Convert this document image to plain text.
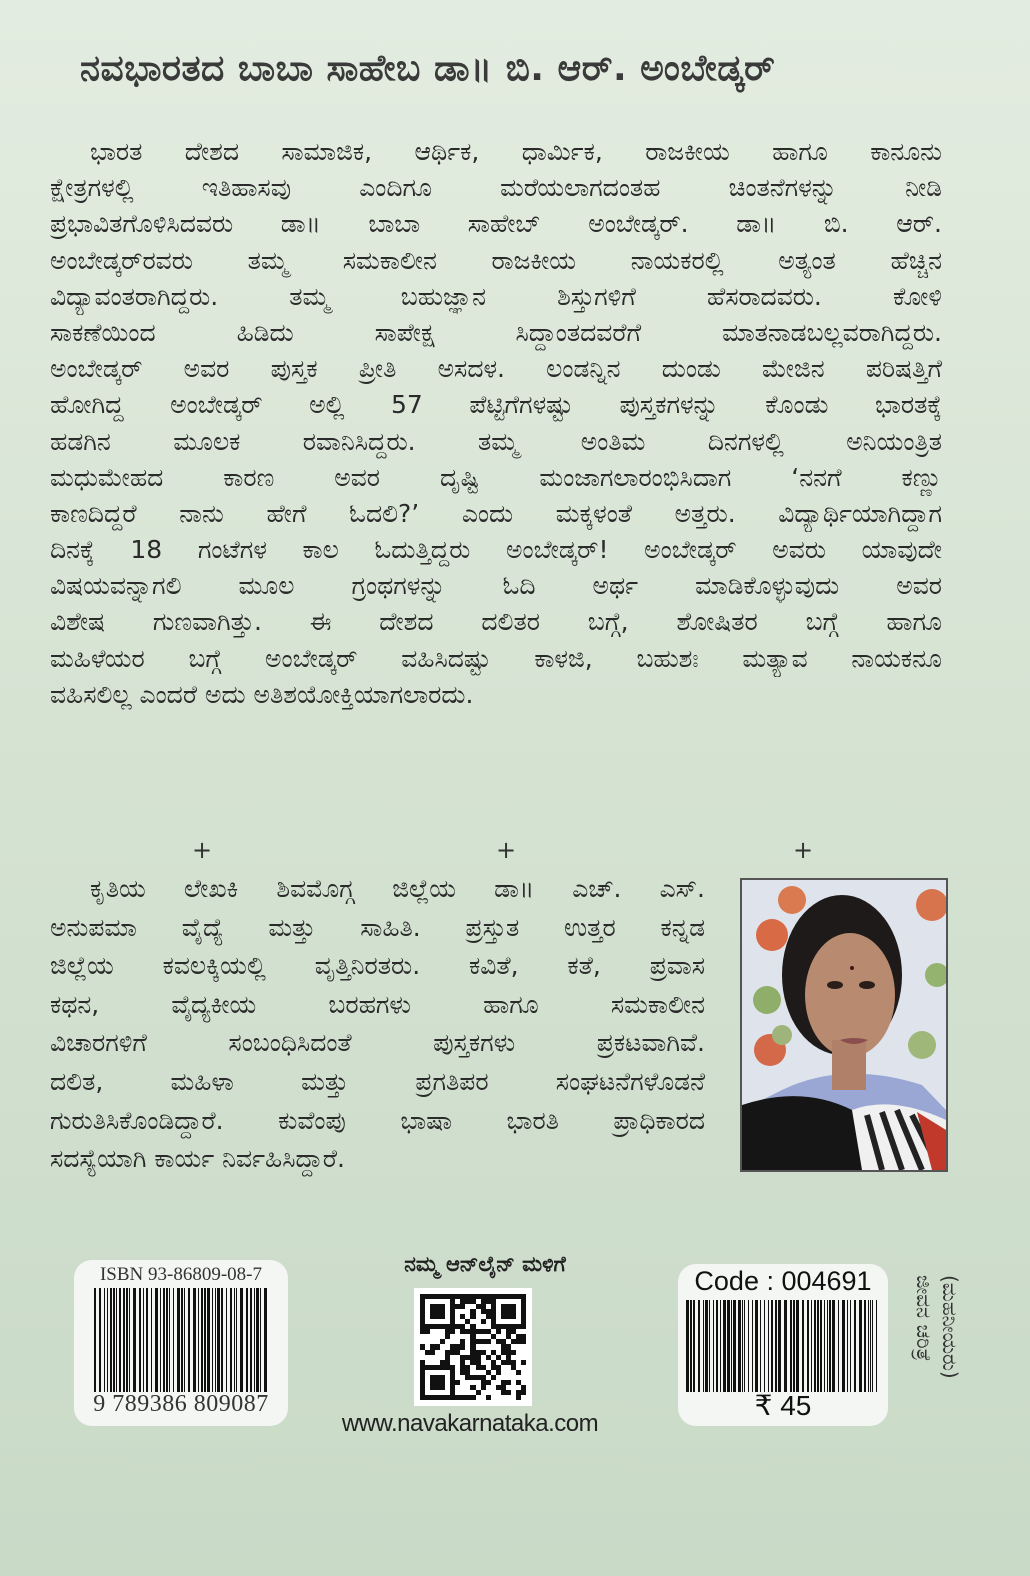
ನವಭಾರತದ ಬಾಬಾ ಸಾಹೇಬ ಡಾ॥ ಬಿ. ಆರ್. ಅಂಬೇಡ್ಕರ್
ಭಾರತ ದೇಶದ ಸಾಮಾಜಿಕ, ಆರ್ಥಿಕ, ಧಾರ್ಮಿಕ, ರಾಜಕೀಯ ಹಾಗೂ ಕಾನೂನು
ಕ್ಷೇತ್ರಗಳಲ್ಲಿ ಇತಿಹಾಸವು ಎಂದಿಗೂ ಮರೆಯಲಾಗದಂತಹ ಚಿಂತನೆಗಳನ್ನು ನೀಡಿ
ಪ್ರಭಾವಿತಗೊಳಿಸಿದವರು ಡಾ॥ ಬಾಬಾ ಸಾಹೇಬ್ ಅಂಬೇಡ್ಕರ್. ಡಾ॥ ಬಿ. ಆರ್.
ಅಂಬೇಡ್ಕರ್‌ರವರು ತಮ್ಮ ಸಮಕಾಲೀನ ರಾಜಕೀಯ ನಾಯಕರಲ್ಲಿ ಅತ್ಯಂತ ಹೆಚ್ಚಿನ
ವಿದ್ಯಾವಂತರಾಗಿದ್ದರು. ತಮ್ಮ ಬಹುಜ್ಞಾನ ಶಿಸ್ತುಗಳಿಗೆ ಹೆಸರಾದವರು. ಕೋಳಿ
ಸಾಕಣೆಯಿಂದ ಹಿಡಿದು ಸಾಪೇಕ್ಷ ಸಿದ್ಧಾಂತದವರೆಗೆ ಮಾತನಾಡಬಲ್ಲವರಾಗಿದ್ದರು.
ಅಂಬೇಡ್ಕರ್ ಅವರ ಪುಸ್ತಕ ಪ್ರೀತಿ ಅಸದಳ. ಲಂಡನ್ನಿನ ದುಂಡು ಮೇಜಿನ ಪರಿಷತ್ತಿಗೆ
ಹೋಗಿದ್ದ ಅಂಬೇಡ್ಕರ್ ಅಲ್ಲಿ 57 ಪೆಟ್ಟಿಗೆಗಳಷ್ಟು ಪುಸ್ತಕಗಳನ್ನು ಕೊಂಡು ಭಾರತಕ್ಕೆ
ಹಡಗಿನ ಮೂಲಕ ರವಾನಿಸಿದ್ದರು. ತಮ್ಮ ಅಂತಿಮ ದಿನಗಳಲ್ಲಿ ಅನಿಯಂತ್ರಿತ
ಮಧುಮೇಹದ ಕಾರಣ ಅವರ ದೃಷ್ಟಿ ಮಂಜಾಗಲಾರಂಭಿಸಿದಾಗ ‘ನನಗೆ ಕಣ್ಣು
ಕಾಣದಿದ್ದರೆ ನಾನು ಹೇಗೆ ಓದಲಿ?’ ಎಂದು ಮಕ್ಕಳಂತೆ ಅತ್ತರು. ವಿದ್ಯಾರ್ಥಿಯಾಗಿದ್ದಾಗ
ದಿನಕ್ಕೆ 18 ಗಂಟೆಗಳ ಕಾಲ ಓದುತ್ತಿದ್ದರು ಅಂಬೇಡ್ಕರ್! ಅಂಬೇಡ್ಕರ್ ಅವರು ಯಾವುದೇ
ವಿಷಯವನ್ನಾಗಲಿ ಮೂಲ ಗ್ರಂಥಗಳನ್ನು ಓದಿ ಅರ್ಥ ಮಾಡಿಕೊಳ್ಳುವುದು ಅವರ
ವಿಶೇಷ ಗುಣವಾಗಿತ್ತು. ಈ ದೇಶದ ದಲಿತರ ಬಗ್ಗೆ, ಶೋಷಿತರ ಬಗ್ಗೆ ಹಾಗೂ
ಮಹಿಳೆಯರ ಬಗ್ಗೆ ಅಂಬೇಡ್ಕರ್ ವಹಿಸಿದಷ್ಟು ಕಾಳಜಿ, ಬಹುಶಃ ಮತ್ಯಾವ ನಾಯಕನೂ
ವಹಿಸಲಿಲ್ಲ ಎಂದರೆ ಅದು ಅತಿಶಯೋಕ್ತಿಯಾಗಲಾರದು.
+	+	+
ಕೃತಿಯ ಲೇಖಕಿ ಶಿವಮೊಗ್ಗ ಜಿಲ್ಲೆಯ ಡಾ॥ ಎಚ್. ಎಸ್.
ಅನುಪಮಾ ವೈದ್ಯೆ ಮತ್ತು ಸಾಹಿತಿ. ಪ್ರಸ್ತುತ ಉತ್ತರ ಕನ್ನಡ
ಜಿಲ್ಲೆಯ ಕವಲಕ್ಕಿಯಲ್ಲಿ ವೃತ್ತಿನಿರತರು. ಕವಿತೆ, ಕತೆ, ಪ್ರವಾಸ
ಕಥನ, ವೈದ್ಯಕೀಯ ಬರಹಗಳು ಹಾಗೂ ಸಮಕಾಲೀನ
ವಿಚಾರಗಳಿಗೆ ಸಂಬಂಧಿಸಿದಂತೆ ಪುಸ್ತಕಗಳು ಪ್ರಕಟವಾಗಿವೆ.
ದಲಿತ, ಮಹಿಳಾ ಮತ್ತು ಪ್ರಗತಿಪರ ಸಂಘಟನೆಗಳೊಡನೆ
ಗುರುತಿಸಿಕೊಂಡಿದ್ದಾರೆ. ಕುವೆಂಪು ಭಾಷಾ ಭಾರತಿ ಪ್ರಾಧಿಕಾರದ
ಸದಸ್ಯೆಯಾಗಿ ಕಾರ್ಯ ನಿರ್ವಹಿಸಿದ್ದಾರೆ.
ISBN 93-86809-08-7
9 789386 809087
ನಮ್ಮ ಆನ್‌ಲೈನ್ ಮಳಿಗೆ
www.navakarnataka.com
Code : 004691
₹ 45
ಜೀವನ ಚರಿತ್ರೆ (ಮಹನೀಯರು)
